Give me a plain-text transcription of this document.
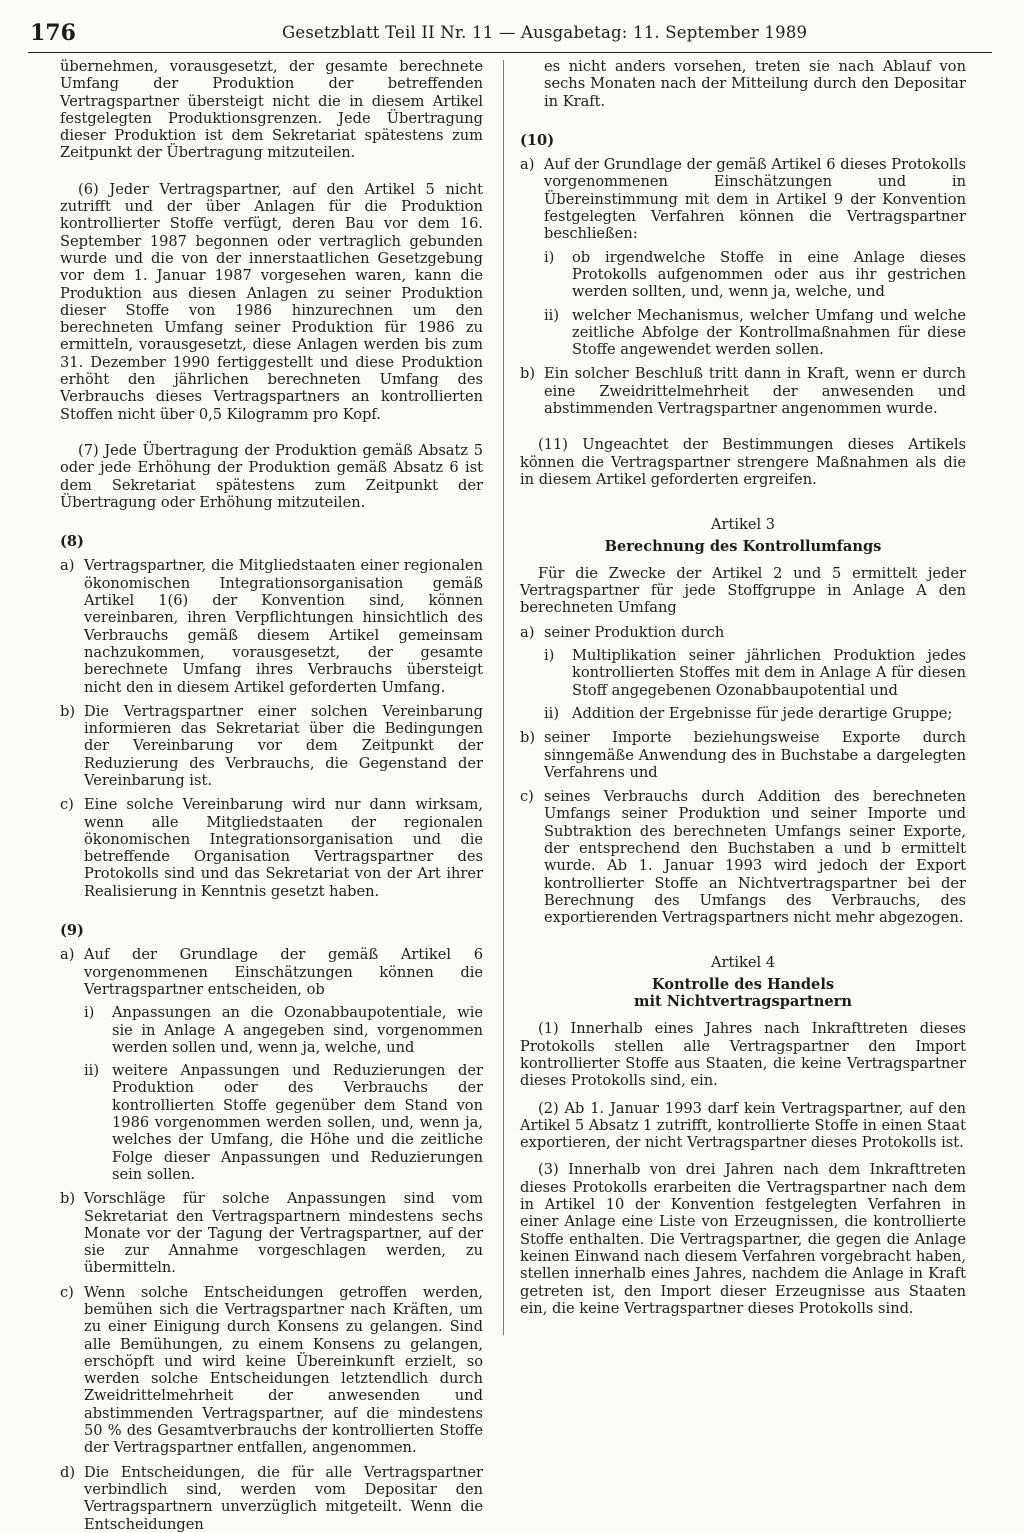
176	Gesetzblatt Teil II Nr. 11 — Ausgabetag: 11. September 1989

übernehmen, vorausgesetzt, der gesamte berechnete Umfang der Produktion der betreffenden Vertragspartner übersteigt nicht die in diesem Artikel festgelegten Produktionsgrenzen. Jede Übertragung dieser Produktion ist dem Sekretariat spätestens zum Zeitpunkt der Übertragung mitzuteilen.

(6) Jeder Vertragspartner, auf den Artikel 5 nicht zutrifft und der über Anlagen für die Produktion kontrollierter Stoffe verfügt, deren Bau vor dem 16. September 1987 begonnen oder vertraglich gebunden wurde und die von der innerstaatlichen Gesetzgebung vor dem 1. Januar 1987 vorgesehen waren, kann die Produktion aus diesen Anlagen zu seiner Produktion dieser Stoffe von 1986 hinzurechnen um den berechneten Umfang seiner Produktion für 1986 zu ermitteln, vorausgesetzt, diese Anlagen werden bis zum 31. Dezember 1990 fertiggestellt und diese Produktion erhöht den jährlichen berechneten Umfang des Verbrauchs dieses Vertragspartners an kontrollierten Stoffen nicht über 0,5 Kilogramm pro Kopf.

(7) Jede Übertragung der Produktion gemäß Absatz 5 oder jede Erhöhung der Produktion gemäß Absatz 6 ist dem Sekretariat spätestens zum Zeitpunkt der Übertragung oder Erhöhung mitzuteilen.

(8)

a) Vertragspartner, die Mitgliedstaaten einer regionalen ökonomischen Integrationsorganisation gemäß Artikel 1(6) der Konvention sind, können vereinbaren, ihren Verpflichtungen hinsichtlich des Verbrauchs gemäß diesem Artikel gemeinsam nachzukommen, vorausgesetzt, der gesamte berechnete Umfang ihres Verbrauchs übersteigt nicht den in diesem Artikel geforderten Umfang.
b) Die Vertragspartner einer solchen Vereinbarung informieren das Sekretariat über die Bedingungen der Vereinbarung vor dem Zeitpunkt der Reduzierung des Verbrauchs, die Gegenstand der Vereinbarung ist.
c) Eine solche Vereinbarung wird nur dann wirksam, wenn alle Mitgliedstaaten der regionalen ökonomischen Integrationsorganisation und die betreffende Organisation Vertragspartner des Protokolls sind und das Sekretariat von der Art ihrer Realisierung in Kenntnis gesetzt haben.

(9)

a) Auf der Grundlage der gemäß Artikel 6 vorgenommenen Einschätzungen können die Vertragspartner entscheiden, ob
i)	Anpassungen an die Ozonabbaupotentiale, wie sie in Anlage A angegeben sind, vorgenommen werden sollen und, wenn ja, welche, und
ii) weitere Anpassungen und Reduzierungen der Produktion oder des Verbrauchs der kontrollierten Stoffe gegenüber dem Stand von 1986 vorgenommen werden sollen, und, wenn ja, welches der Umfang, die Höhe und die zeitliche Folge dieser Anpassungen und Reduzierungen sein sollen.
b) Vorschläge für solche Anpassungen sind vom Sekretariat den Vertragspartnern mindestens sechs Monate vor der Tagung der Vertragspartner, auf der sie zur Annahme vorgeschlagen werden, zu übermitteln.
c) Wenn solche Entscheidungen getroffen werden, bemühen sich die Vertragspartner nach Kräften, um zu einer Einigung durch Konsens zu gelangen. Sind alle Bemühungen, zu einem Konsens zu gelangen, erschöpft und wird keine Übereinkunft erzielt, so werden solche Entscheidungen letztendlich durch Zweidrittelmehrheit der anwesenden und abstimmenden Vertragspartner, auf die mindestens 50 % des Gesamtverbrauchs der kontrollierten Stoffe der Vertragspartner entfallen, angenommen.
d) Die Entscheidungen, die für alle Vertragspartner verbindlich sind, werden vom Depositar den Vertragspartnern unverzüglich mitgeteilt. Wenn die Entscheidungen
es nicht anders vorsehen, treten sie nach Ablauf von sechs Monaten nach der Mitteilung durch den Depositar in Kraft.

(10)

a) Auf der Grundlage der gemäß Artikel 6 dieses Protokolls vorgenommenen Einschätzungen und in Übereinstimmung mit dem in Artikel 9 der Konvention festgelegten Verfahren können die Vertragspartner beschließen:
i)	ob irgendwelche Stoffe in eine Anlage dieses Protokolls aufgenommen oder aus ihr gestrichen werden sollten, und, wenn ja, welche, und
ii) welcher Mechanismus, welcher Umfang und welche zeitliche Abfolge der Kontrollmaßnahmen für diese Stoffe angewendet werden sollen.
b) Ein solcher Beschluß tritt dann in Kraft, wenn er durch eine Zweidrittelmehrheit der anwesenden und abstimmenden Vertragspartner angenommen wurde.

(11) Ungeachtet der Bestimmungen dieses Artikels können die Vertragspartner strengere Maßnahmen als die in diesem Artikel geforderten ergreifen.

Artikel 3

Berechnung des Kontrollumfangs

Für die Zwecke der Artikel 2 und 5 ermittelt jeder Vertragspartner für jede Stoffgruppe in Anlage A den berechneten Umfang

a) seiner Produktion durch
i)	Multiplikation seiner jährlichen Produktion jedes kontrollierten Stoffes mit dem in Anlage A für diesen Stoff angegebenen Ozonabbaupotential und
ii) Addition der Ergebnisse für jede derartige Gruppe;
b) seiner Importe beziehungsweise Exporte durch sinngemäße Anwendung des in Buchstabe a dargelegten Verfahrens und
c) seines Verbrauchs durch Addition des berechneten Umfangs seiner Produktion und seiner Importe und Subtraktion des berechneten Umfangs seiner Exporte, der entsprechend den Buchstaben a und b ermittelt wurde. Ab 1. Januar 1993 wird jedoch der Export kontrollierter Stoffe an Nichtvertragspartner bei der Berechnung des Umfangs des Verbrauchs, des exportierenden Vertragspartners nicht mehr abgezogen.

Artikel 4

Kontrolle des Handels

mit Nichtvertragspartnern

(1) Innerhalb eines Jahres nach Inkrafttreten dieses Protokolls stellen alle Vertragspartner den Import kontrollierter Stoffe aus Staaten, die keine Vertragspartner dieses Protokolls sind, ein.

(2) Ab 1. Januar 1993 darf kein Vertragspartner, auf den Artikel 5 Absatz 1 zutrifft, kontrollierte Stoffe in einen Staat exportieren, der nicht Vertragspartner dieses Protokolls ist.

(3) Innerhalb von drei Jahren nach dem Inkrafttreten dieses Protokolls erarbeiten die Vertragspartner nach dem in Artikel 10 der Konvention festgelegten Verfahren in einer Anlage eine Liste von Erzeugnissen, die kontrollierte Stoffe enthalten. Die Vertragspartner, die gegen die Anlage keinen Einwand nach diesem Verfahren vorgebracht haben, stellen innerhalb eines Jahres, nachdem die Anlage in Kraft getreten ist, den Import dieser Erzeugnisse aus Staaten ein, die keine Vertragspartner dieses Protokolls sind.
